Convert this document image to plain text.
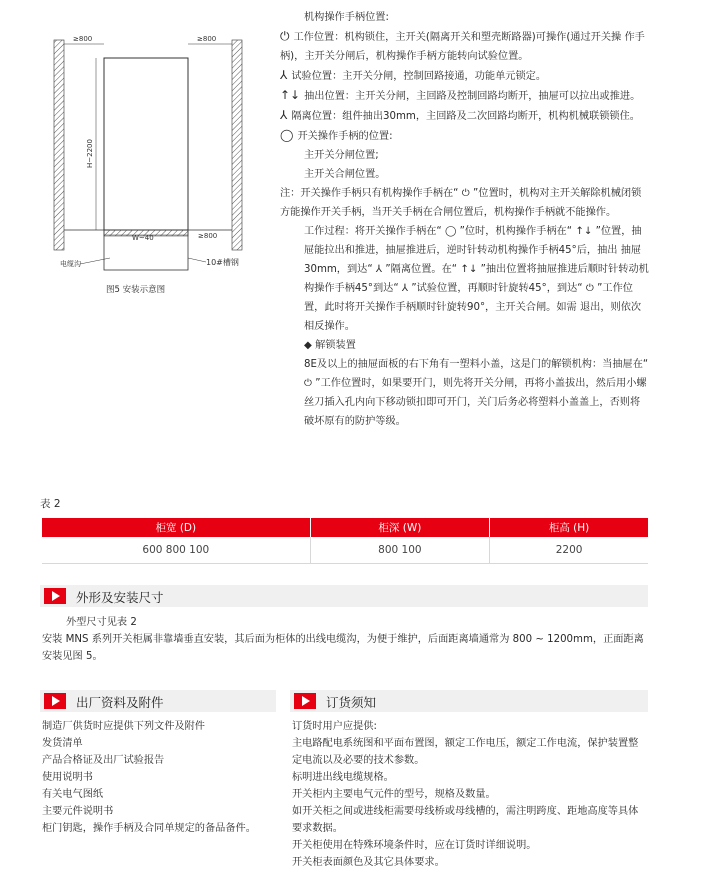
≥800	≥800
H~2200
W~40	≥800
电缆沟	10#槽钢
图5 安装示意图

机构操作手柄位置:

⏻ 工作位置：机构锁住，主开关(隔离开关和塑壳断路器)可操作(通过开关操 作手柄)，主开关分闸后，机构操作手柄方能转向试验位置。

⅄ 试验位置：主开关分闸，控制回路接通，功能单元锁定。

↑↓ 抽出位置：主开关分闸，主回路及控制回路均断开，抽屉可以拉出或推进。

⅄ 隔离位置：组件抽出30mm，主回路及二次回路均断开，机构机械联锁锁住。

◯ 开关操作手柄的位置:

主开关分闸位置;

主开关合闸位置。

注：开关操作手柄只有机构操作手柄在“ ⏻ ”位置时，机构对主开关解除机械闭锁方能操作开关手柄，当开关手柄在合闸位置后，机构操作手柄就不能操作。

工作过程：将开关操作手柄在“ ◯ ”位时，机构操作手柄在“ ↑↓ ”位置，抽屉能拉出和推进，抽屉推进后，逆时针转动机构操作手柄45°后，抽出 抽屉30mm，到达“ ⅄ ”隔离位置。在“ ↑↓ ”抽出位置将抽屉推进后顺时针转动机构操作手柄45°到达“ ⅄ ”试验位置，再顺时针旋转45°，到达“ ⏻ ”工作位置，此时将开关操作手柄顺时针旋转90°，主开关合闸。如需 退出，则依次相反操作。

◆ 解锁装置

8E及以上的抽屉面板的右下角有一塑料小盖，这是门的解锁机构：当抽屉在“ ⏻ ”工作位置时，如果要开门，则先将开关分闸，再将小盖拔出，然后用小螺丝刀插入孔内向下移动锁扣即可开门，关门后务必将塑料小盖盖上，否则将破坏原有的防护等级。

表 2
柜宽 (D)	柜深 (W)	柜高 (H)
600 800 100	800 100	2200
外形及安装尺寸

外型尺寸见表 2

安装 MNS 系列开关柜属非靠墙垂直安装，其后面为柜体的出线电缆沟，为便于维护，后面距离墙通常为 800 ~ 1200mm，正面距离安装见图 5。

出厂资料及附件

制造厂供货时应提供下列文件及附件

发货清单

产品合格证及出厂试验报告

使用说明书

有关电气图纸

主要元件说明书

柜门钥匙，操作手柄及合同单规定的备品备件。

订货须知

订货时用户应提供:

主电路配电系统图和平面布置图，额定工作电压，额定工作电流，保护装置整定电流以及必要的技术参数。

标明进出线电缆规格。

开关柜内主要电气元件的型号，规格及数量。

如开关柜之间或进线柜需要母线桥或母线槽的，需注明跨度、距地高度等具体要求数据。

开关柜使用在特殊环境条件时，应在订货时详细说明。

开关柜表面颜色及其它具体要求。
